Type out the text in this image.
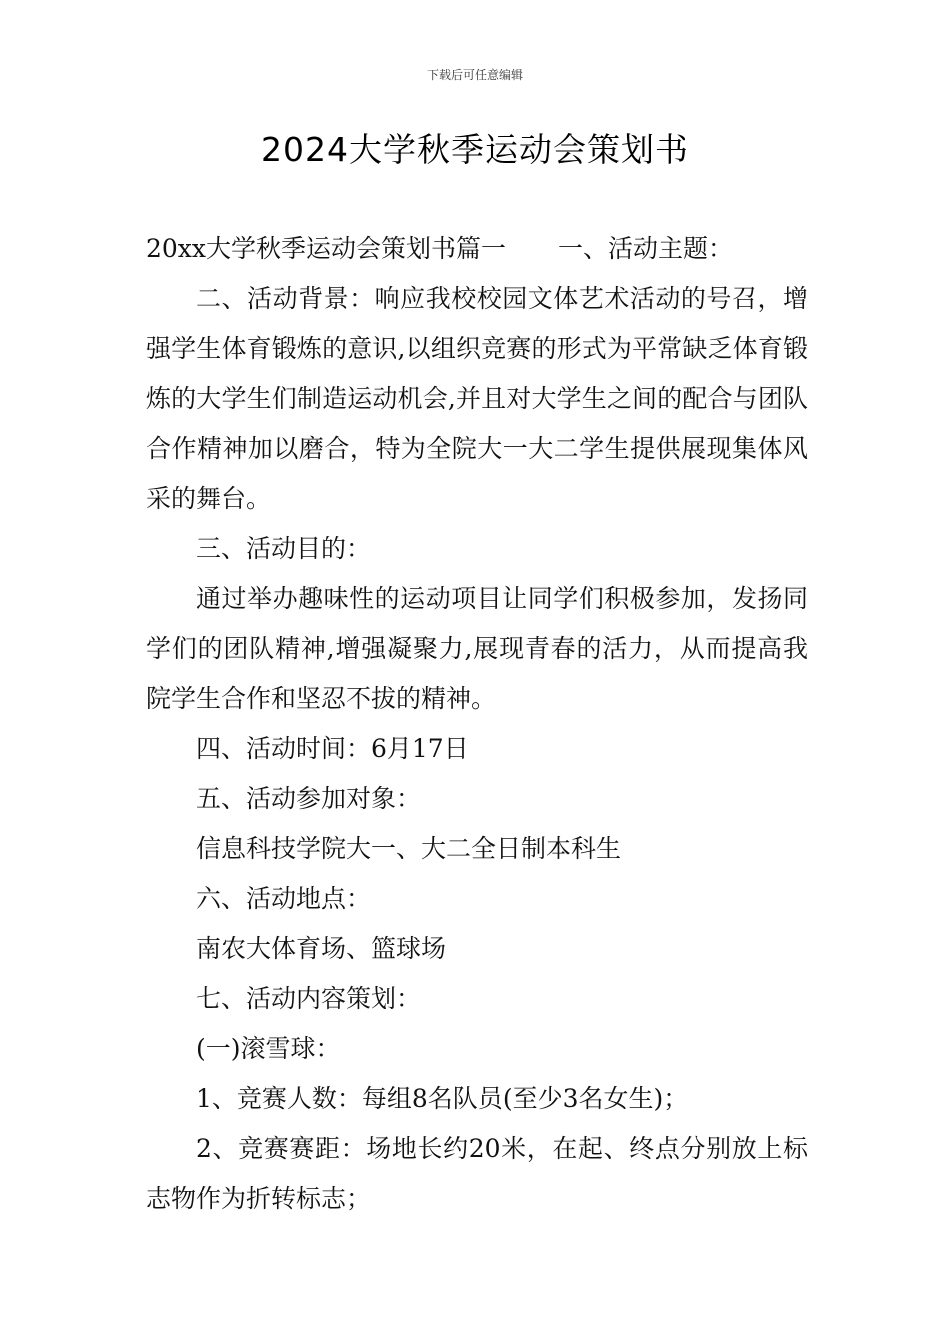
下载后可任意编辑
2024大学秋季运动会策划书

20xx大学秋季运动会策划书篇一 一、活动主题：

二、活动背景：响应我校校园文体艺术活动的号召，增强学生体育锻炼的意识,以组织竞赛的形式为平常缺乏体育锻炼的大学生们制造运动机会,并且对大学生之间的配合与团队合作精神加以磨合，特为全院大一大二学生提供展现集体风采的舞台。

三、活动目的：

通过举办趣味性的运动项目让同学们积极参加，发扬同学们的团队精神,增强凝聚力,展现青春的活力，从而提高我院学生合作和坚忍不拔的精神。

四、活动时间：6月17日

五、活动参加对象：

信息科技学院大一、大二全日制本科生

六、活动地点：

南农大体育场、篮球场

七、活动内容策划：

(一)滚雪球：

1、竞赛人数：每组8名队员(至少3名女生)；

2、竞赛赛距：场地长约20米，在起、终点分别放上标志物作为折转标志；
